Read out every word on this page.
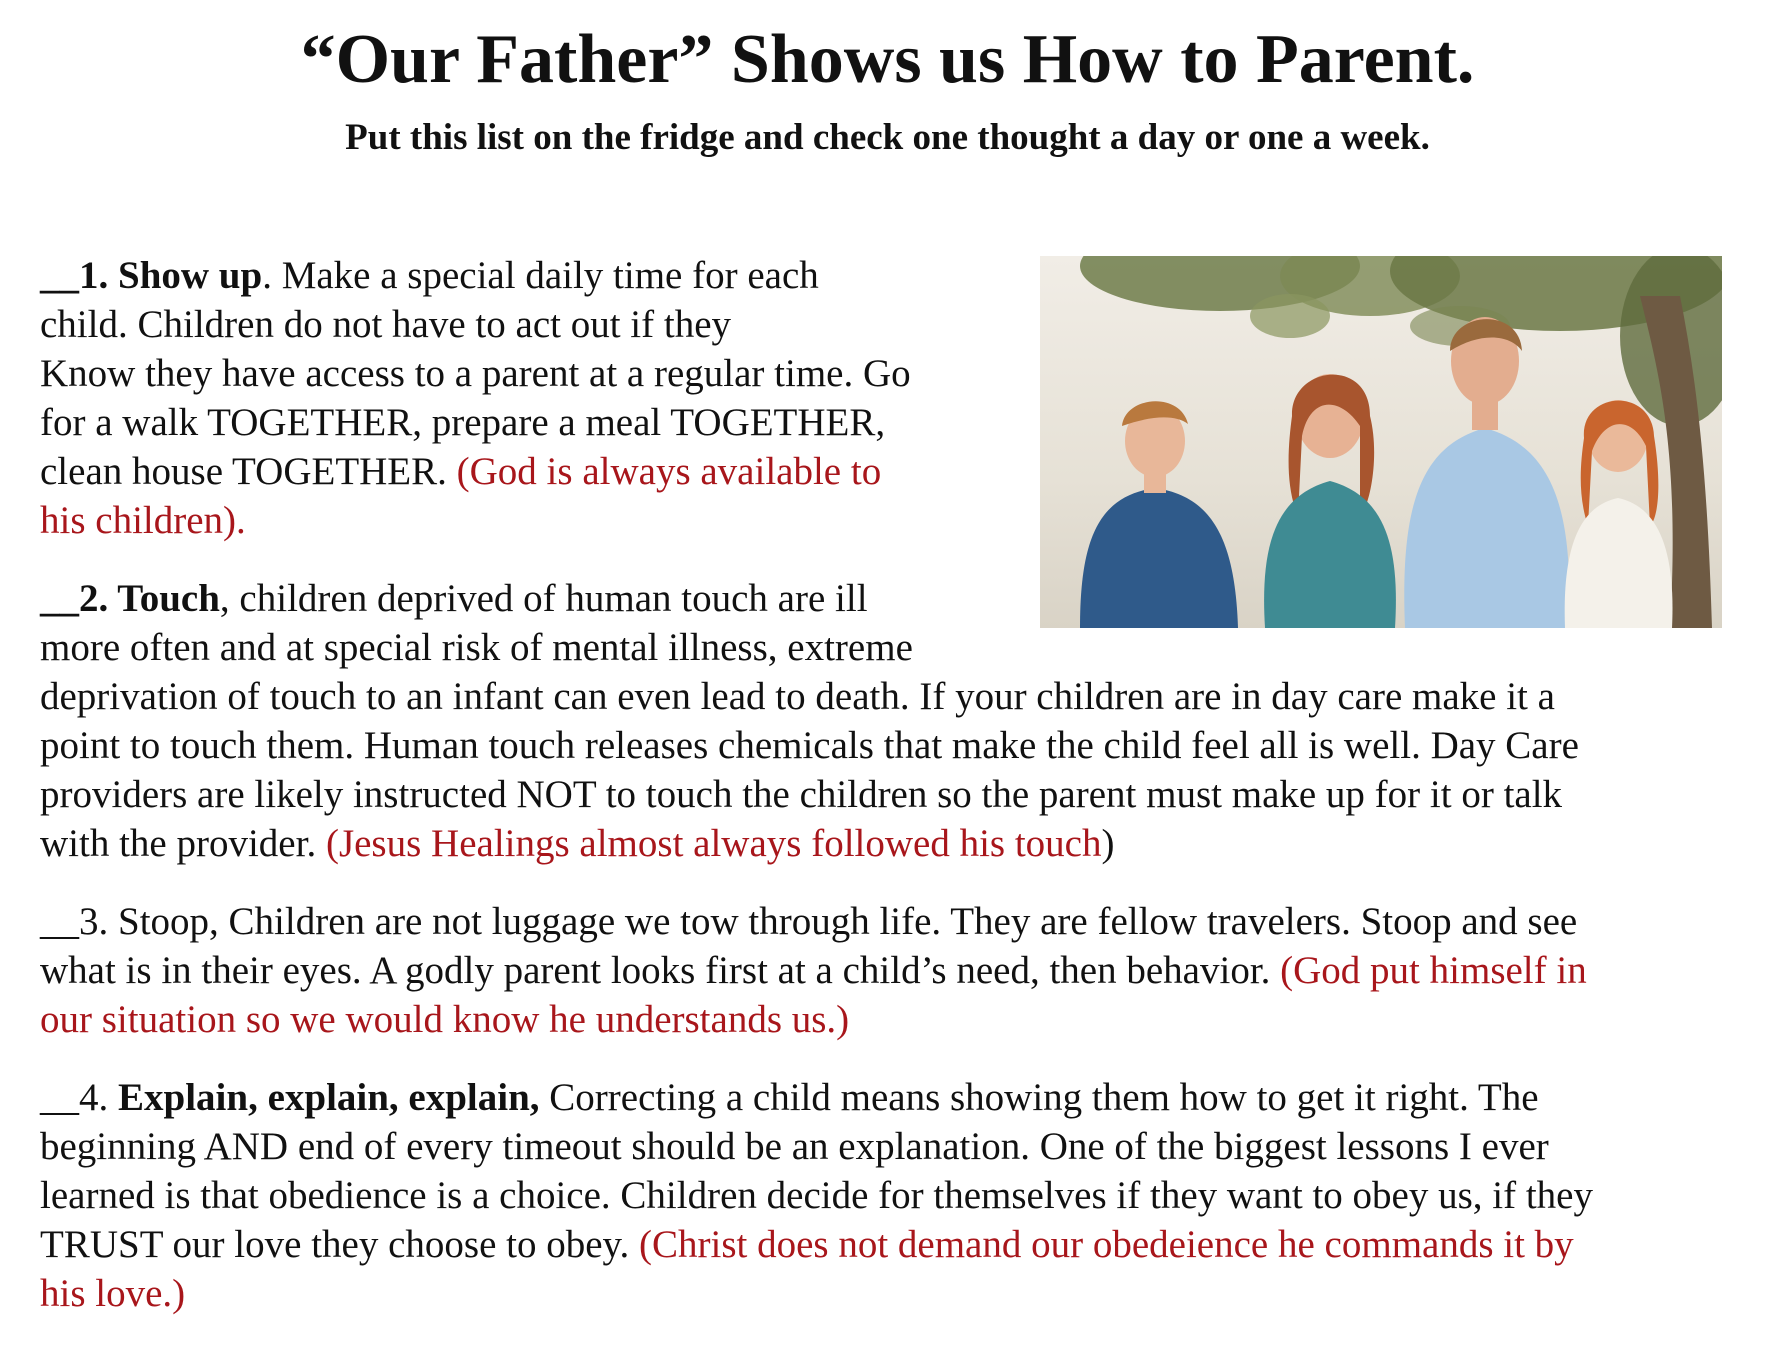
“Our Father” Shows us How to Parent.

Put this list on the fridge and check one thought a day or one a week.

__1. Show up. Make a special daily time for each
child. Children do not have to act out if they
Know they have access to a parent at a regular time. Go
for a walk TOGETHER, prepare a meal TOGETHER,
clean house TOGETHER. (God is always available to
his children).

__2. Touch, children deprived of human touch are ill
more often and at special risk of mental illness, extreme
deprivation of touch to an infant can even lead to death. If your children are in day care make it a
point to touch them. Human touch releases chemicals that make the child feel all is well. Day Care
providers are likely instructed NOT to touch the children so the parent must make up for it or talk
with the provider. (Jesus Healings almost always followed his touch)

__3. Stoop, Children are not luggage we tow through life. They are fellow travelers. Stoop and see
what is in their eyes. A godly parent looks first at a child’s need, then behavior. (God put himself in
our situation so we would know he understands us.)

__4. Explain, explain, explain, Correcting a child means showing them how to get it right. The
beginning AND end of every timeout should be an explanation. One of the biggest lessons I ever
learned is that obedience is a choice. Children decide for themselves if they want to obey us, if they
TRUST our love they choose to obey. (Christ does not demand our obedeience he commands it by
his love.)
